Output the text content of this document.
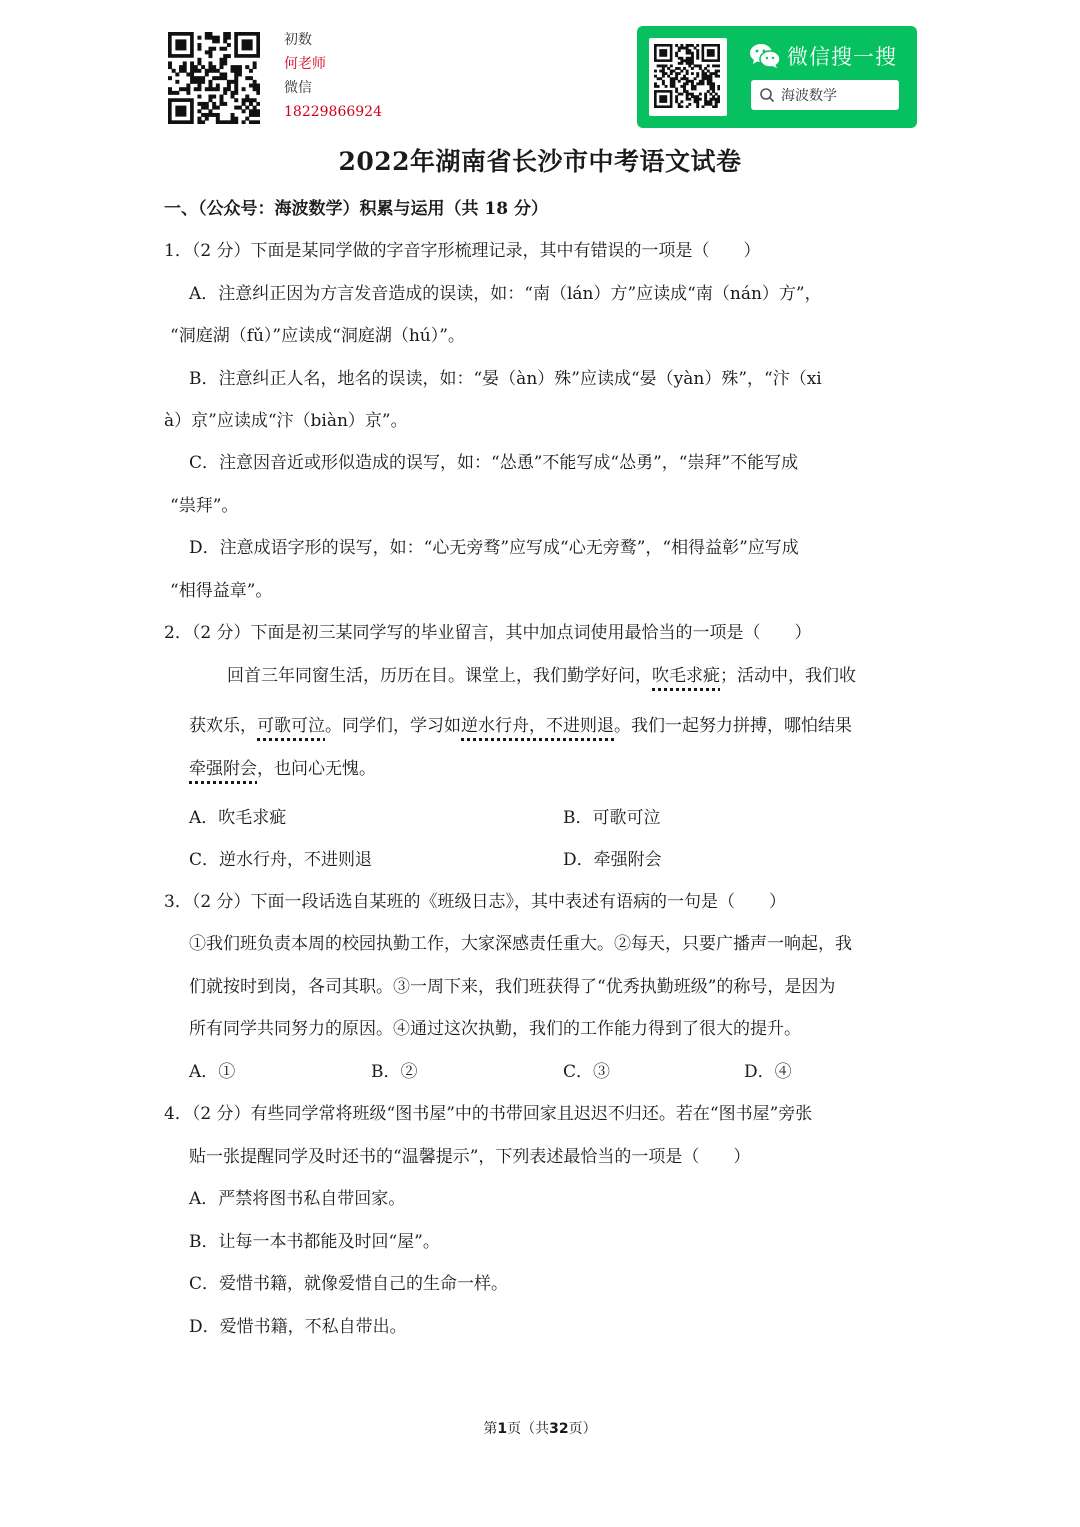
初数
何老师
微信
18229866924
微信搜一搜
海波数学
2022年湖南省长沙市中考语文试卷
一、（公众号：海波数学）积累与运用（共 18 分）
1．（2 分）下面是某同学做的字音字形梳理记录，其中有错误的一项是（　　）
A．注意纠正因为方言发音造成的误读，如：“南（lán）方”应读成“南（nán）方”，
“洞庭湖（fǔ）”应读成“洞庭湖（hú）”。
B．注意纠正人名，地名的误读，如：“晏（àn）殊”应读成“晏（yàn）殊”，“汴（xi
à）京”应读成“汴（biàn）京”。
C．注意因音近或形似造成的误写，如：“怂恿”不能写成“怂勇”，“崇拜”不能写成
“祟拜”。
D．注意成语字形的误写，如：“心无旁骛”应写成“心无旁鹜”，“相得益彰”应写成
“相得益章”。
2．（2 分）下面是初三某同学写的毕业留言，其中加点词使用最恰当的一项是（　　）
回首三年同窗生活，历历在目。课堂上，我们勤学好问，吹毛求疵；活动中，我们收
获欢乐，可歌可泣。同学们，学习如逆水行舟，不进则退。我们一起努力拼搏，哪怕结果
牵强附会，也问心无愧。
A．吹毛求疵	B．可歌可泣
C．逆水行舟，不进则退	D．牵强附会
3．（2 分）下面一段话选自某班的《班级日志》，其中表述有语病的一句是（　　）
①我们班负责本周的校园执勤工作，大家深感责任重大。②每天，只要广播声一响起，我
们就按时到岗，各司其职。③一周下来，我们班获得了“优秀执勤班级”的称号，是因为
所有同学共同努力的原因。④通过这次执勤，我们的工作能力得到了很大的提升。
A．①	B．②	C．③	D．④
4．（2 分）有些同学常将班级“图书屋”中的书带回家且迟迟不归还。若在“图书屋”旁张
贴一张提醒同学及时还书的“温馨提示”，下列表述最恰当的一项是（　　）
A．严禁将图书私自带回家。
B．让每一本书都能及时回“屋”。
C．爱惜书籍，就像爱惜自己的生命一样。
D．爱惜书籍，不私自带出。
第1页（共32页）
